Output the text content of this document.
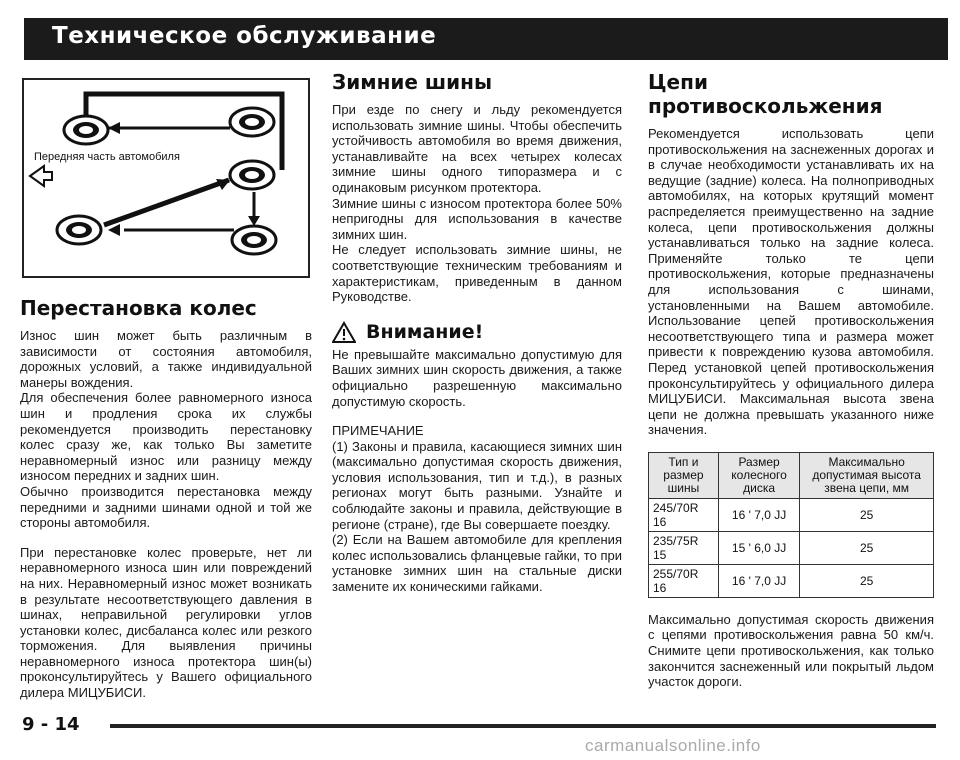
Техническое обслуживание
Передняя часть автомобиля
Перестановка колес

Износ шин может быть различным в зависимости от состояния автомобиля, дорожных условий, а также индивидуальной манеры вождения.

Для обеспечения более равномерного износа шин и продления срока их службы рекомендуется производить перестановку колес сразу же, как только Вы заметите неравномерный износ или разницу между износом передних и задних шин.

Обычно производится перестановка между передними и задними шинами одной и той же стороны автомобиля.

При перестановке колес проверьте, нет ли неравномерного износа шин или повреждений на них. Неравномерный износ может возникать в результате несоответствующего давления в шинах, неправильной регулировки углов установки колес, дисбаланса колес или резкого торможения. Для выявления причины неравномерного износа протектора шин(ы) проконсультируйтесь у Вашего официального дилера МИЦУБИСИ.

Зимние шины

При езде по снегу и льду рекомендуется использовать зимние шины. Чтобы обеспечить устойчивость автомобиля во время движения, устанавливайте на всех четырех колесах зимние шины одного типоразмера и с одинаковым рисунком протектора.

Зимние шины с износом протектора более 50% непригодны для использования в качестве зимних шин.

Не следует использовать зимние шины, не соответствующие техническим требованиям и характеристикам, приведенным в данном Руководстве.

Внимание!

Не превышайте максимально допустимую для Ваших зимних шин скорость движения, а также официально разрешенную максимально допустимую скорость.

ПРИМЕЧАНИЕ

(1) Законы и правила, касающиеся зимних шин (максимально допустимая скорость движения, условия использования, тип и т.д.), в разных регионах могут быть разными. Узнайте и соблюдайте законы и правила, действующие в регионе (стране), где Вы совершаете поездку.

(2) Если на Вашем автомобиле для крепления колес использовались фланцевые гайки, то при установке зимних шин на стальные диски замените их коническими гайками.

Цепи противоскольжения

Рекомендуется использовать цепи противоскольжения на заснеженных дорогах и в случае необходимости устанавливать их на ведущие (задние) колеса. На полноприводных автомобилях, на которых крутящий момент распределяется преимущественно на задние колеса, цепи противоскольжения должны устанавливаться только на задние колеса. Применяйте только те цепи противоскольжения, которые предназначены для использования с шинами, установленными на Вашем автомобиле. Использование цепей противоскольжения несоответствующего типа и размера может привести к повреждению кузова автомобиля. Перед установкой цепей противоскольжения проконсультируйтесь у официального дилера МИЦУБИСИ. Максимальная высота звена цепи не должна превышать указанного ниже значения.

Тип и размер шины	Размер колесного диска	Максимально допустимая высота звена цепи, мм
245/70R 16	16 ' 7,0 JJ	25
235/75R 15	15 ' 6,0 JJ	25
255/70R 16	16 ' 7,0 JJ	25

Максимально допустимая скорость движения с цепями противоскольжения равна 50 км/ч. Снимите цепи противоскольжения, как только закончится заснеженный или покрытый льдом участок дороги.

9 - 14
carmanualsonline.info
